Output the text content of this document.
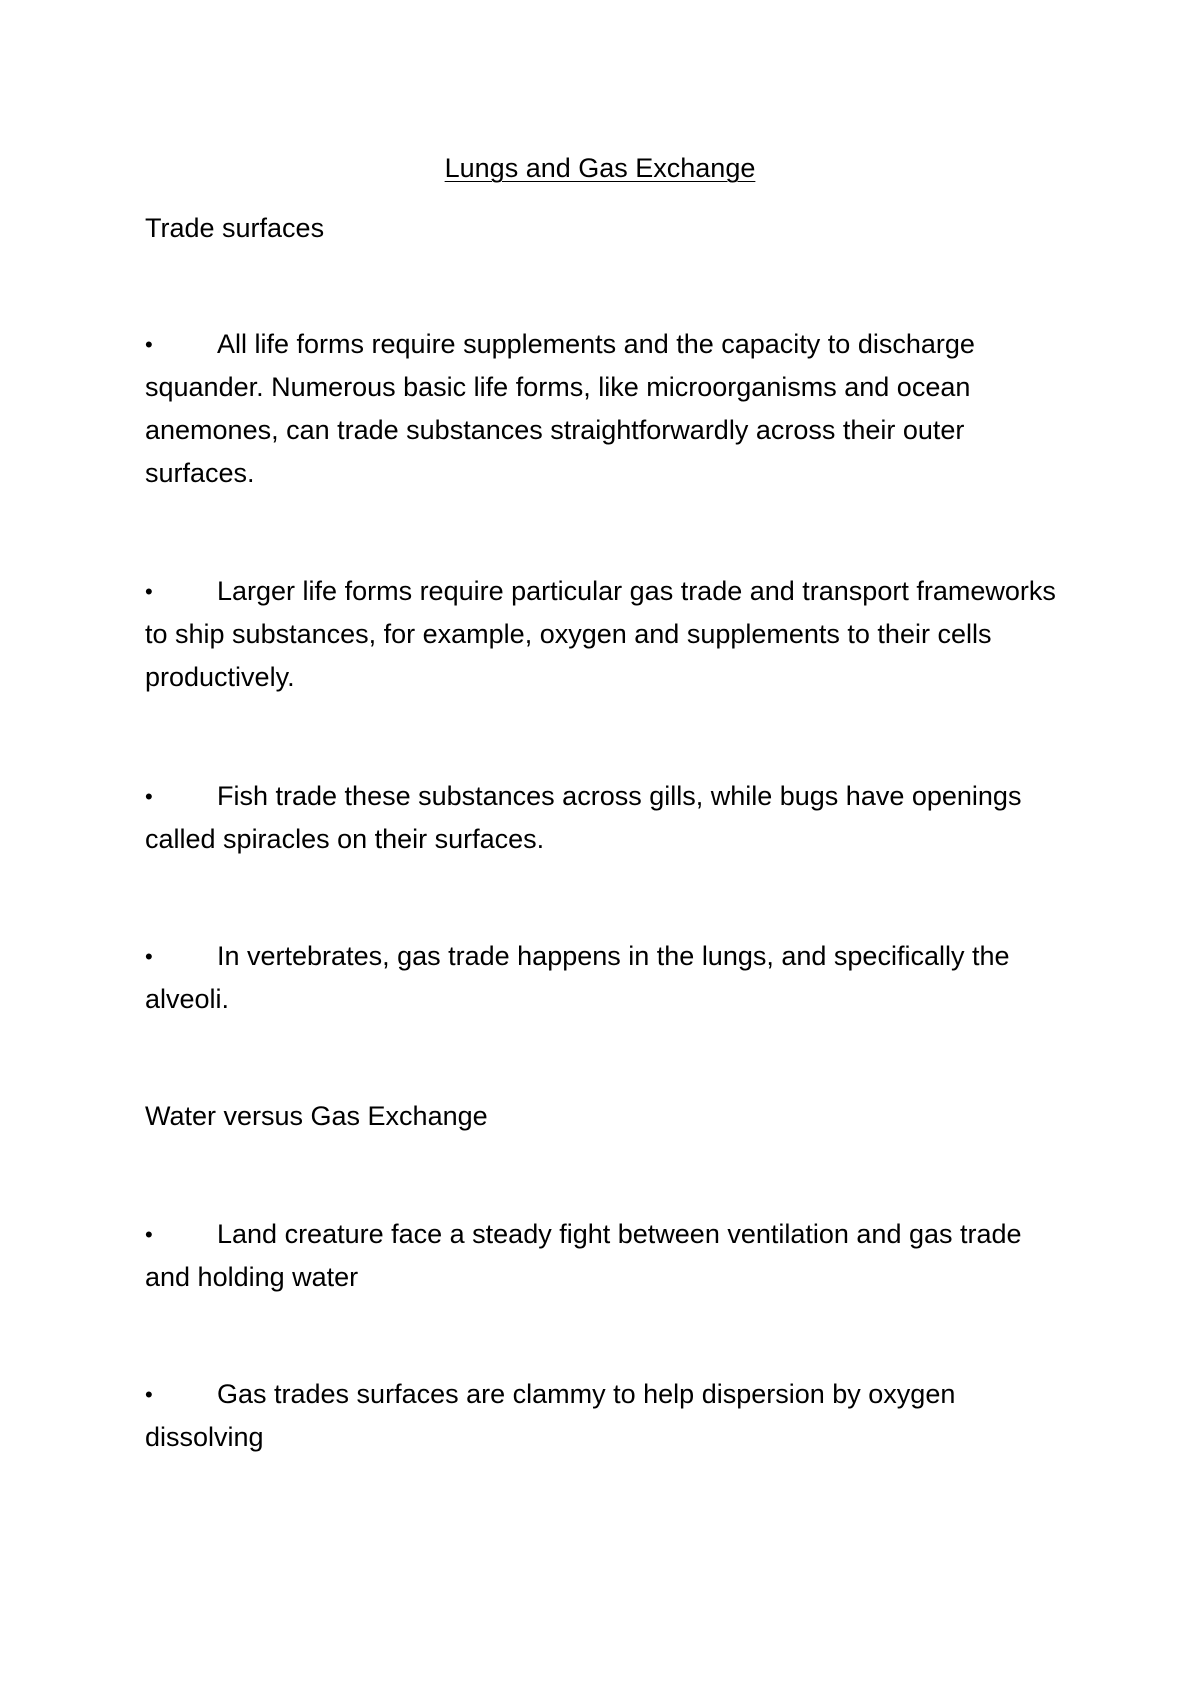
Lungs and Gas Exchange
Trade surfaces

• All life forms require supplements and the capacity to discharge squander. Numerous basic life forms, like microorganisms and ocean anemones, can trade substances straightforwardly across their outer surfaces.

• Larger life forms require particular gas trade and transport frameworks to ship substances, for example, oxygen and supplements to their cells productively.

• Fish trade these substances across gills, while bugs have openings called spiracles on their surfaces.

• In vertebrates, gas trade happens in the lungs, and specifically the alveoli.

Water versus Gas Exchange

• Land creature face a steady fight between ventilation and gas trade and holding water

• Gas trades surfaces are clammy to help dispersion by oxygen dissolving
